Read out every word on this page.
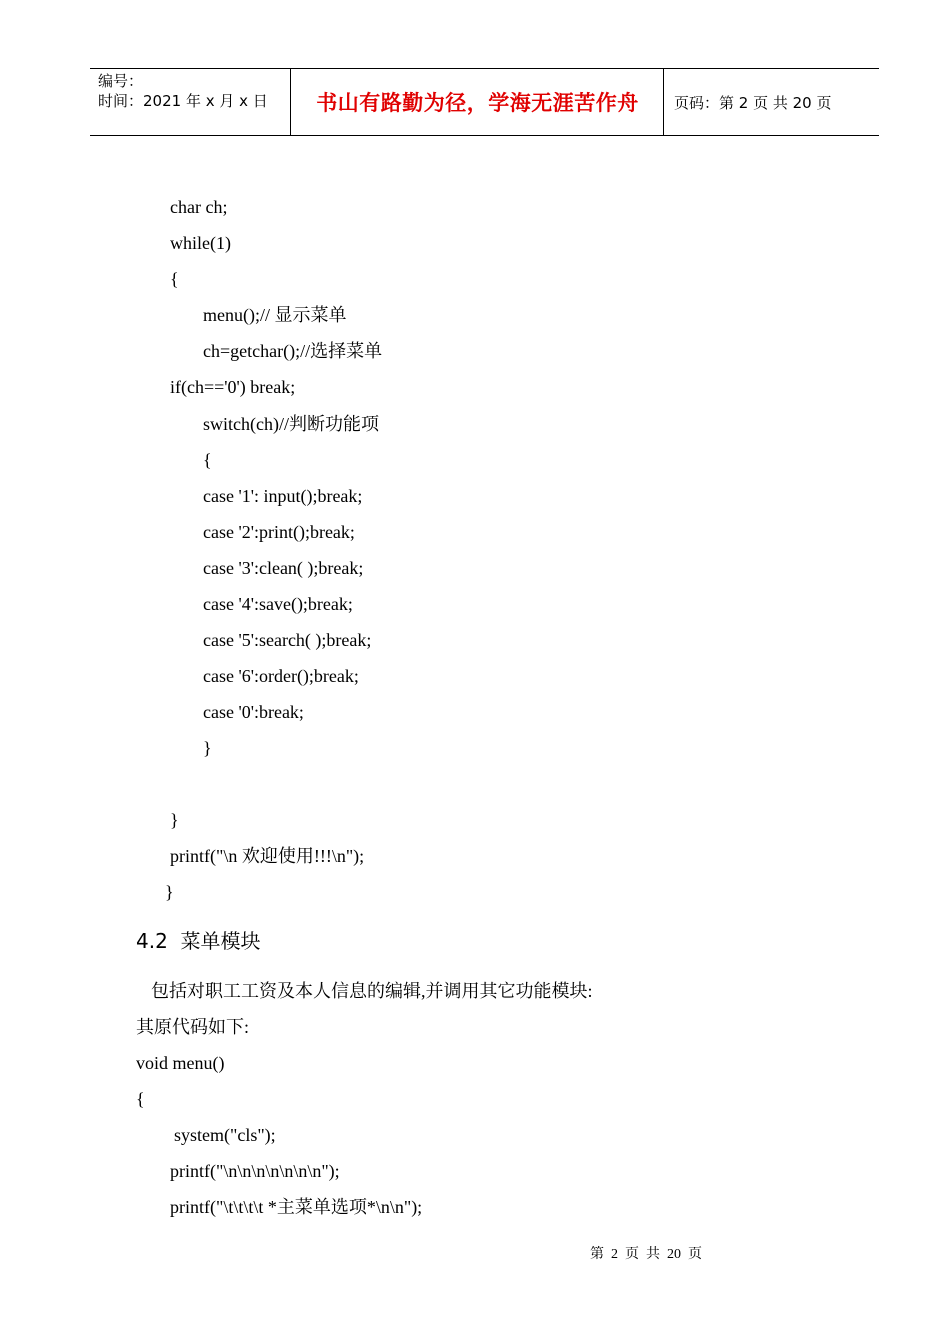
编号：
时间：2021 年 x 月 x 日	书山有路勤为径，学海无涯苦作舟	页码：第 2 页 共 20 页
char ch;
while(1)
{
menu();// 显示菜单
ch=getchar();//选择菜单
if(ch=='0') break;
switch(ch)//判断功能项
{
case '1': input();break;
case '2':print();break;
case '3':clean( );break;
case '4':save();break;
case '5':search( );break;
case '6':order();break;
case '0':break;
}
}
printf("\n 欢迎使用!!!\n");
}
4.2  菜单模块
包括对职工工资及本人信息的编辑,并调用其它功能模块:
其原代码如下:
void menu()
{
system("cls");
printf("\n\n\n\n\n\n\n");
printf("\t\t\t\t *主菜单选项*\n\n");
第  2  页  共  20  页
